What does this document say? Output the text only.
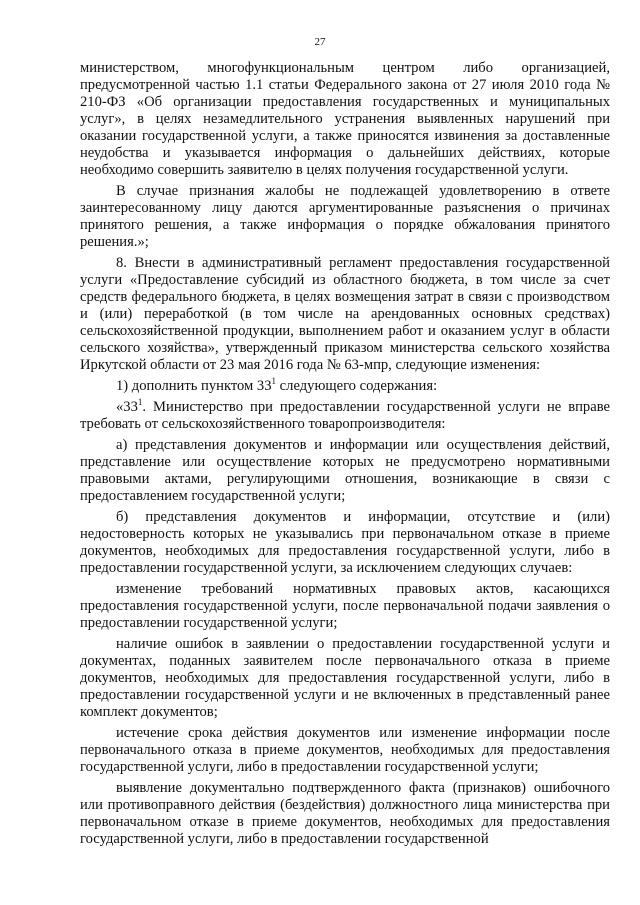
27

министерством, многофункциональным центром либо организацией, предусмотренной частью 1.1 статьи Федерального закона от 27 июля 2010 года № 210-ФЗ «Об организации предоставления государственных и муниципальных услуг», в целях незамедлительного устранения выявленных нарушений при оказании государственной услуги, а также приносятся извинения за доставленные неудобства и указывается информация о дальнейших действиях, которые необходимо совершить заявителю в целях получения государственной услуги.

В случае признания жалобы не подлежащей удовлетворению в ответе заинтересованному лицу даются аргументированные разъяснения о причинах принятого решения, а также информация о порядке обжалования принятого решения.»;

8. Внести в административный регламент предоставления государственной услуги «Предоставление субсидий из областного бюджета, в том числе за счет средств федерального бюджета, в целях возмещения затрат в связи с производством и (или) переработкой (в том числе на арендованных основных средствах) сельскохозяйственной продукции, выполнением работ и оказанием услуг в области сельского хозяйства», утвержденный приказом министерства сельского хозяйства Иркутской области от 23 мая 2016 года № 63-мпр, следующие изменения:

1) дополнить пунктом $33^1$ следующего содержания:

«$33^1$. Министерство при предоставлении государственной услуги не вправе требовать от сельскохозяйственного товаропроизводителя:

а) представления документов и информации или осуществления действий, представление или осуществление которых не предусмотрено нормативными правовыми актами, регулирующими отношения, возникающие в связи с предоставлением государственной услуги;

б) представления документов и информации, отсутствие и (или) недостоверность которых не указывались при первоначальном отказе в приеме документов, необходимых для предоставления государственной услуги, либо в предоставлении государственной услуги, за исключением следующих случаев:

изменение требований нормативных правовых актов, касающихся предоставления государственной услуги, после первоначальной подачи заявления о предоставлении государственной услуги;

наличие ошибок в заявлении о предоставлении государственной услуги и документах, поданных заявителем после первоначального отказа в приеме документов, необходимых для предоставления государственной услуги, либо в предоставлении государственной услуги и не включенных в представленный ранее комплект документов;

истечение срока действия документов или изменение информации после первоначального отказа в приеме документов, необходимых для предоставления государственной услуги, либо в предоставлении государственной услуги;

выявление документально подтвержденного факта (признаков) ошибочного или противоправного действия (бездействия) должностного лица министерства при первоначальном отказе в приеме документов, необходимых для предоставления государственной услуги, либо в предоставлении государственной
